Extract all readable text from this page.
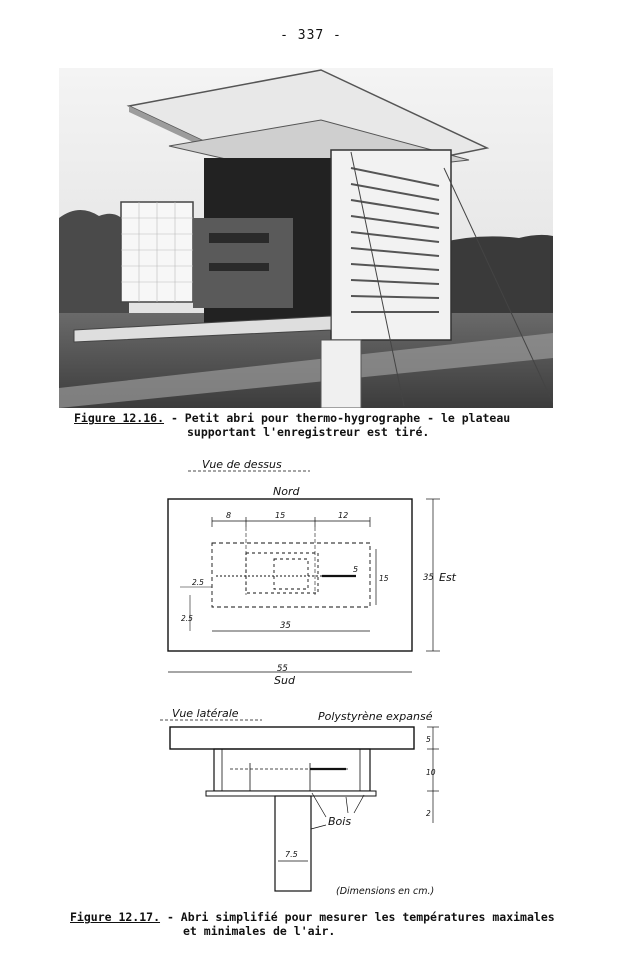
- 337 -
Figure 12.16. - Petit abri pour thermo-hygrographe - le plateau
supportant l'enregistreur est tiré.
Vue de dessus
Nord
8	15	12
5
15
2.5
2.5
35
35 Est
55
Sud
Vue latérale	Polystyrène expansé
7.5
Bois
5
10
2
(Dimensions en cm.)
Figure 12.17. - Abri simplifié pour mesurer les températures maximales
et minimales de l'air.
